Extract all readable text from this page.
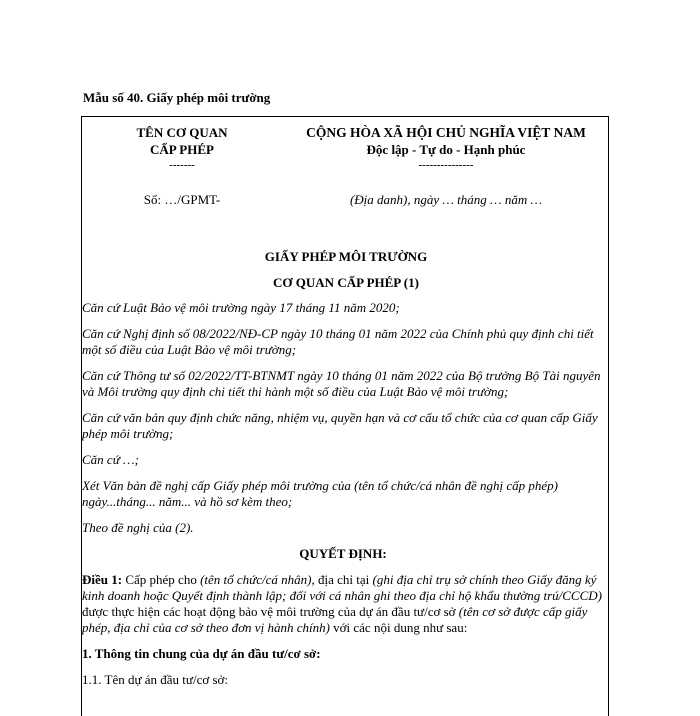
Mẫu số 40. Giấy phép môi trường
TÊN CƠ QUAN
CẤP PHÉP
-------
CỘNG HÒA XÃ HỘI CHỦ NGHĨA VIỆT NAM
Độc lập - Tự do - Hạnh phúc
---------------
Số: …/GPMT-	(Địa danh), ngày … tháng … năm …
GIẤY PHÉP MÔI TRƯỜNG
CƠ QUAN CẤP PHÉP (1)

Căn cứ Luật Bảo vệ môi trường ngày 17 tháng 11 năm 2020;

Căn cứ Nghị định số 08/2022/NĐ-CP ngày 10 tháng 01 năm 2022 của Chính phủ quy định chi tiết một số điều của Luật Bảo vệ môi trường;

Căn cứ Thông tư số 02/2022/TT-BTNMT ngày 10 tháng 01 năm 2022 của Bộ trưởng Bộ Tài nguyên và Môi trường quy định chi tiết thi hành một số điều của Luật Bảo vệ môi trường;

Căn cứ văn bản quy định chức năng, nhiệm vụ, quyền hạn và cơ cấu tổ chức của cơ quan cấp Giấy phép môi trường;

Căn cứ …;

Xét Văn bản đề nghị cấp Giấy phép môi trường của (tên tổ chức/cá nhân đề nghị cấp phép) ngày...tháng... năm... và hồ sơ kèm theo;

Theo đề nghị của (2).

QUYẾT ĐỊNH:

Điều 1: Cấp phép cho (tên tổ chức/cá nhân), địa chỉ tại (ghi địa chỉ trụ sở chính theo Giấy đăng ký kinh doanh hoặc Quyết định thành lập; đối với cá nhân ghi theo địa chỉ hộ khẩu thường trú/CCCD) được thực hiện các hoạt động bảo vệ môi trường của dự án đầu tư/cơ sở (tên cơ sở được cấp giấy phép, địa chỉ của cơ sở theo đơn vị hành chính) với các nội dung như sau:

1. Thông tin chung của dự án đầu tư/cơ sở:

1.1. Tên dự án đầu tư/cơ sở:
